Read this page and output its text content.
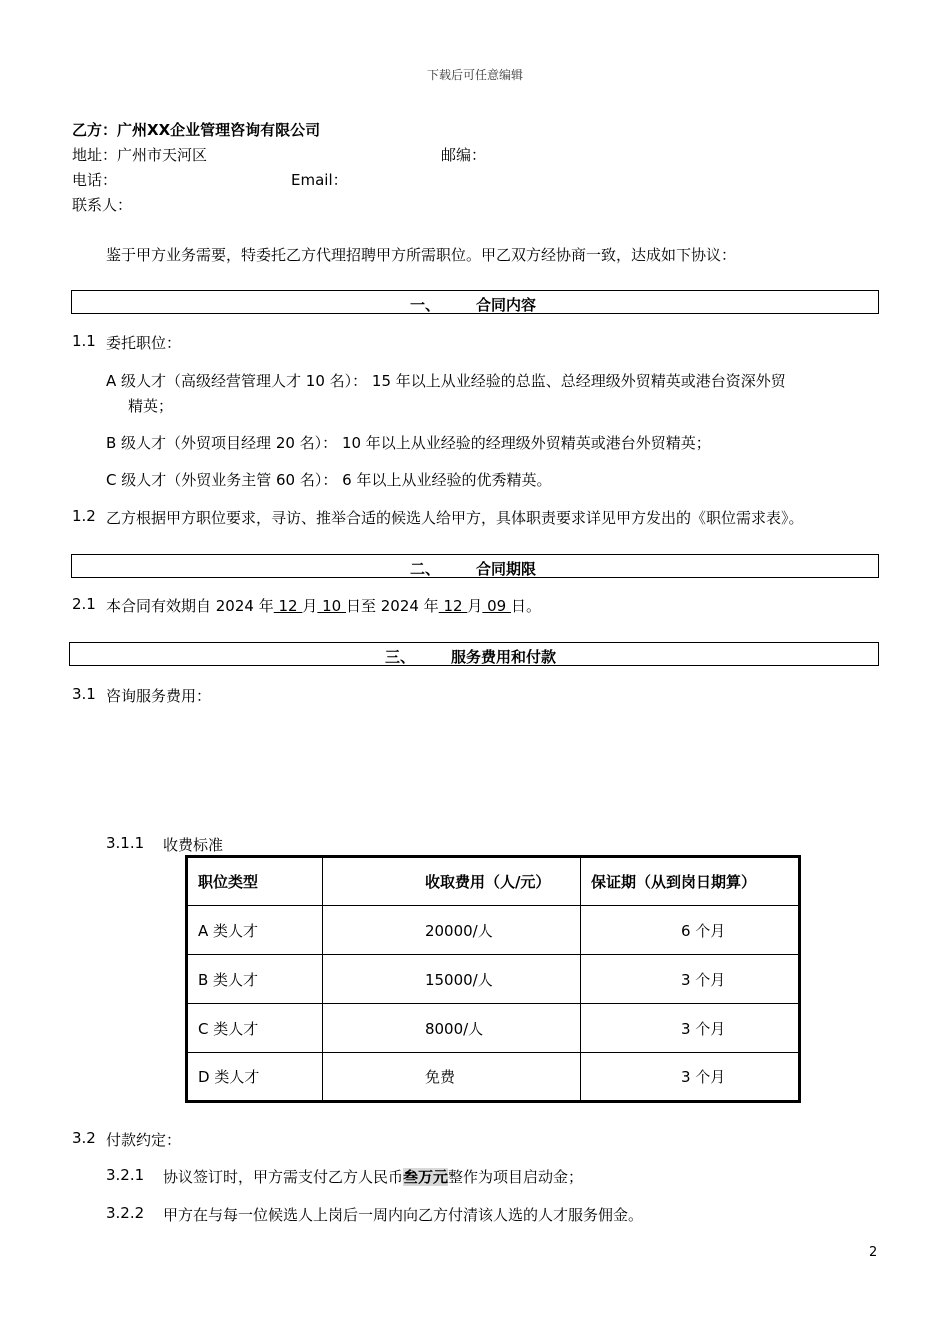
下载后可任意编辑
乙方：广州XX企业管理咨询有限公司
地址：广州市天河区	邮编：
电话：	Email：
联系人：
鉴于甲方业务需要，特委托乙方代理招聘甲方所需职位。甲乙双方经协商一致，达成如下协议：
一、 合同内容
1.1 委托职位：
A 级人才（高级经营管理人才 10 名）： 15 年以上从业经验的总监、总经理级外贸精英或港台资深外贸
精英；
B 级人才（外贸项目经理 20 名）： 10 年以上从业经验的经理级外贸精英或港台外贸精英；
C 级人才（外贸业务主管 60 名）： 6 年以上从业经验的优秀精英。
1.2 乙方根据甲方职位要求，寻访、推举合适的候选人给甲方，具体职责要求详见甲方发出的《职位需求表》。
二、 合同期限
2.1 本合同有效期自 2024 年 12 月 10 日至 2024 年 12 月 09 日。
三、 服务费用和付款
3.1 咨询服务费用：
3.1.1 收费标准
职位类型	收取费用（人/元）	保证期（从到岗日期算）
A 类人才	20000/人	6 个月
B 类人才	15000/人	3 个月
C 类人才	8000/人	3 个月
D 类人才	免费	3 个月
3.2 付款约定：
3.2.1 协议签订时，甲方需支付乙方人民币叁万元整作为项目启动金；
3.2.2 甲方在与每一位候选人上岗后一周内向乙方付清该人选的人才服务佣金。
2
